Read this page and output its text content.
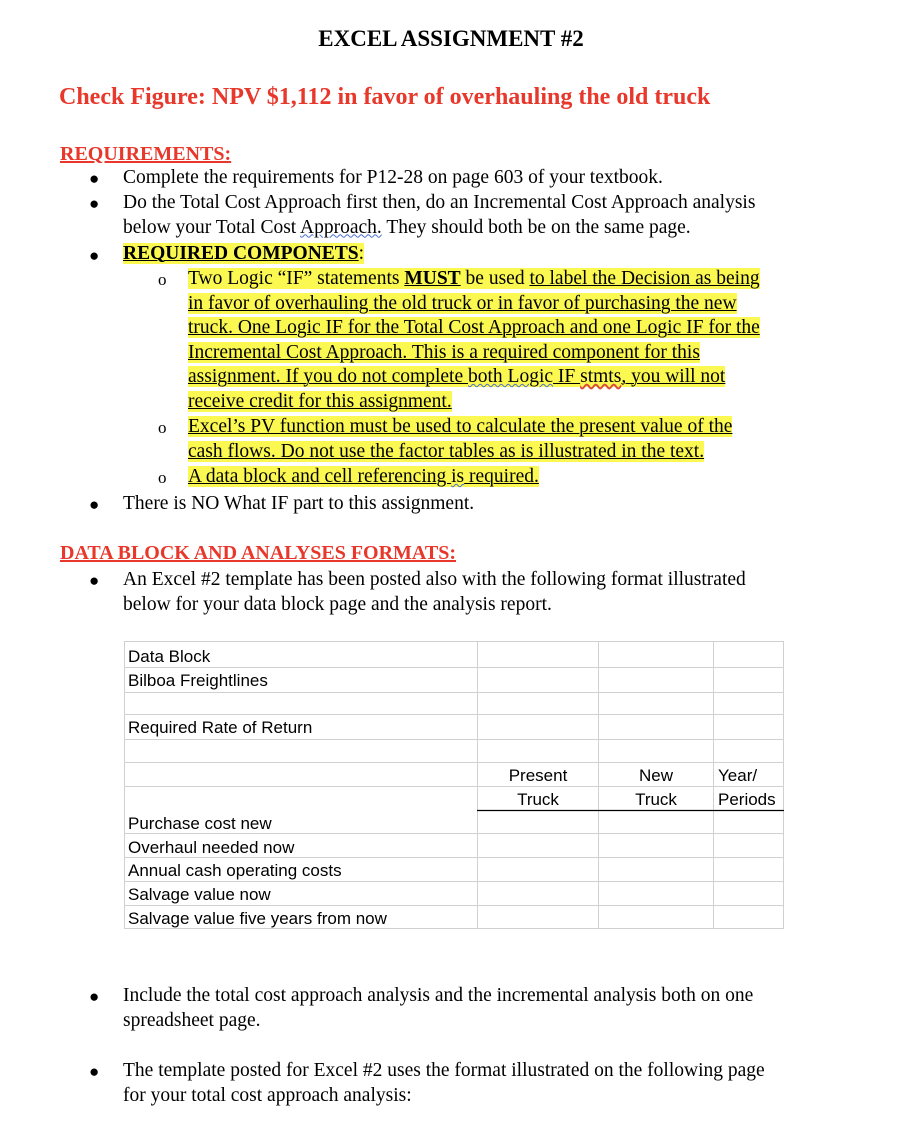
EXCEL ASSIGNMENT #2
Check Figure: NPV $1,112 in favor of overhauling the old truck
REQUIREMENTS:
● Complete the requirements for P12-28 on page 603 of your textbook.
● Do the Total Cost Approach first then, do an Incremental Cost Approach analysis
below your Total Cost Approach. They should both be on the same page.
● REQUIRED COMPONETS:
o Two Logic “IF” statements MUST be used to label the Decision as being
in favor of overhauling the old truck or in favor of purchasing the new
truck. One Logic IF for the Total Cost Approach and one Logic IF for the
Incremental Cost Approach. This is a required component for this
assignment. If you do not complete both Logic IF stmts, you will not
receive credit for this assignment.
o Excel’s PV function must be used to calculate the present value of the
cash flows. Do not use the factor tables as is illustrated in the text.
o A data block and cell referencing is required.
● There is NO What IF part to this assignment.
DATA BLOCK AND ANALYSES FORMATS:
● An Excel #2 template has been posted also with the following format illustrated
below for your data block page and the analysis report.
Data Block
Bilboa Freightlines
Required Rate of Return
Present
Truck
New
Truck
Year/
Periods
Purchase cost new
Overhaul needed now
Annual cash operating costs
Salvage value now
Salvage value five years from now
● Include the total cost approach analysis and the incremental analysis both on one
spreadsheet page.
● The template posted for Excel #2 uses the format illustrated on the following page
for your total cost approach analysis:
